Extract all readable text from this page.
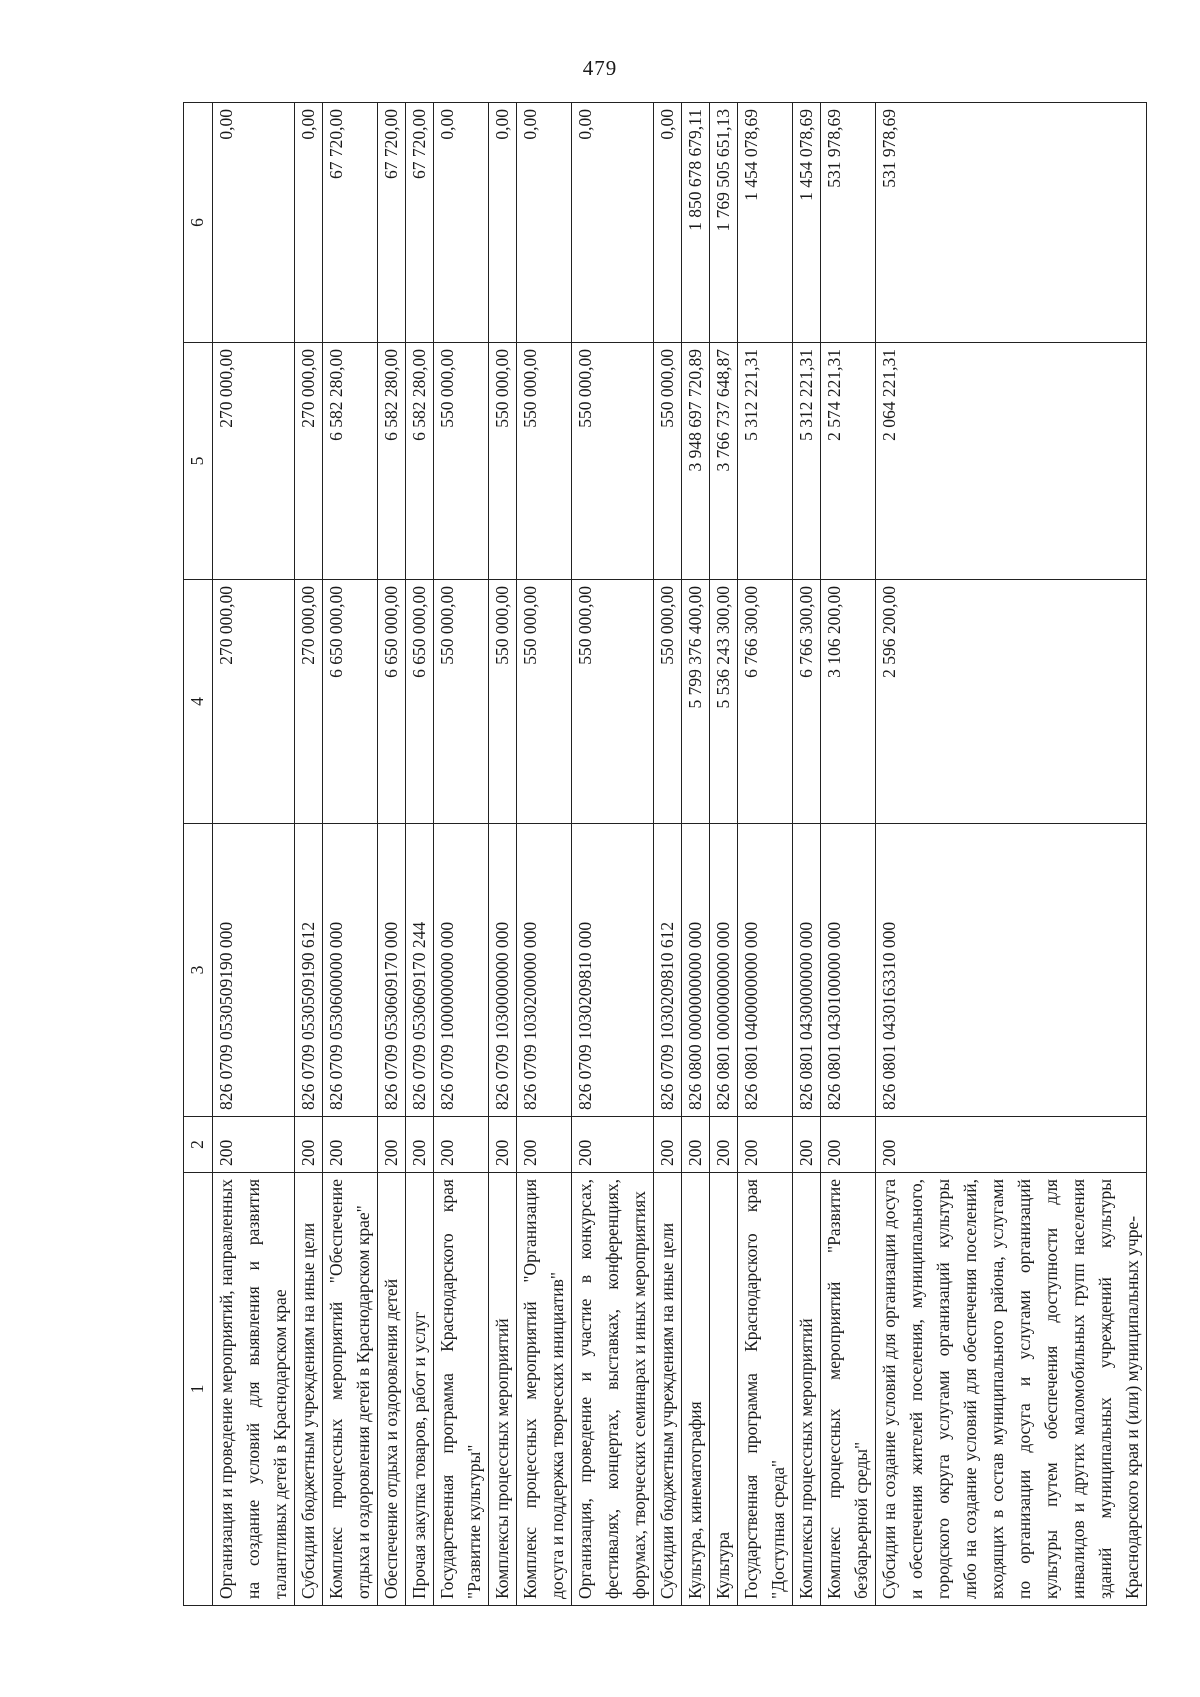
479
1	2	3	4	5	6
Организация и проведение мероприятий, направленных на создание условий для выявления и развития талантливых детей в Краснодарском крае	200	826 0709 0530509190 000	270 000,00	270 000,00	0,00
Субсидии бюджетным учреждениям на иные цели	200	826 0709 0530509190 612	270 000,00	270 000,00	0,00
Комплекс процессных мероприятий "Обеспечение отдыха и оздоровления детей в Краснодарском крае"	200	826 0709 0530600000 000	6 650 000,00	6 582 280,00	67 720,00
Обеспечение отдыха и оздоровления детей	200	826 0709 0530609170 000	6 650 000,00	6 582 280,00	67 720,00
Прочая закупка товаров, работ и услуг	200	826 0709 0530609170 244	6 650 000,00	6 582 280,00	67 720,00
Государственная программа Краснодарского края "Развитие культуры"	200	826 0709 1000000000 000	550 000,00	550 000,00	0,00
Комплексы процессных мероприятий	200	826 0709 1030000000 000	550 000,00	550 000,00	0,00
Комплекс процессных мероприятий "Организация досуга и поддержка творческих инициатив"	200	826 0709 1030200000 000	550 000,00	550 000,00	0,00
Организация, проведение и участие в конкурсах, фестивалях, концертах, выставках, конференциях, форумах, творческих семинарах и иных мероприятиях	200	826 0709 1030209810 000	550 000,00	550 000,00	0,00
Субсидии бюджетным учреждениям на иные цели	200	826 0709 1030209810 612	550 000,00	550 000,00	0,00
Культура, кинематография	200	826 0800 0000000000 000	5 799 376 400,00	3 948 697 720,89	1 850 678 679,11
Культура	200	826 0801 0000000000 000	5 536 243 300,00	3 766 737 648,87	1 769 505 651,13
Государственная программа Краснодарского края "Доступная среда"	200	826 0801 0400000000 000	6 766 300,00	5 312 221,31	1 454 078,69
Комплексы процессных мероприятий	200	826 0801 0430000000 000	6 766 300,00	5 312 221,31	1 454 078,69
Комплекс процессных мероприятий "Развитие безбарьерной среды"	200	826 0801 0430100000 000	3 106 200,00	2 574 221,31	531 978,69
Субсидии на создание условий для организации досуга и обеспечения жителей поселения, муниципального, городского округа услугами организаций культуры либо на создание условий для обеспечения поселений, входящих в состав муниципального района, услугами по организации досуга и услугами организаций культуры путем обеспечения доступности для инвалидов и других маломобильных групп населения зданий муниципальных учреждений культуры Краснодарского края и (или) муниципальных учре-	200	826 0801 0430163310 000	2 596 200,00	2 064 221,31	531 978,69
